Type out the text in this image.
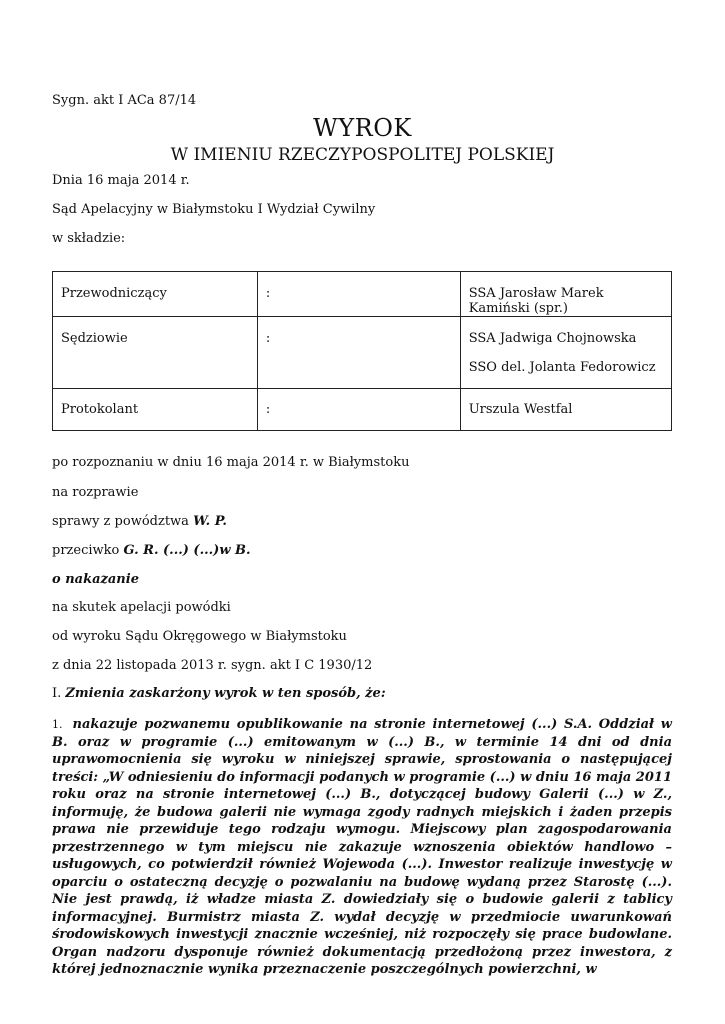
Sygn. akt I ACa 87/14
WYROK
W IMIENIU RZECZYPOSPOLITEJ POLSKIEJ
Dnia 16 maja 2014 r.
Sąd Apelacyjny w Białymstoku I Wydział Cywilny
w składzie:
Przewodniczący	:	SSA Jarosław Marek Kamiński (spr.)
Sędziowie	:	SSA Jadwiga Chojnowska
SSO del. Jolanta Fedorowicz

Protokolant	:	Urszula Westfal
po rozpoznaniu w dniu 16 maja 2014 r. w Białymstoku
na rozprawie
sprawy z powództwa W. P.
przeciwko G. R. (...) (...)w B.
o nakazanie
na skutek apelacji powódki
od wyroku Sądu Okręgowego w Białymstoku
z dnia 22 listopada 2013 r. sygn. akt I C 1930/12
I. Zmienia zaskarżony wyrok w ten sposób, że:
1. nakazuje pozwanemu opublikowanie na stronie internetowej (...) S.A. Oddział w B. oraz w programie (...) emitowanym w (...) B., w terminie 14 dni od dnia uprawomocnienia się wyroku w niniejszej sprawie, sprostowania o następującej treści: „W odniesieniu do informacji podanych w programie (...) w dniu 16 maja 2011 roku oraz na stronie internetowej (...) B., dotyczącej budowy Galerii (...) w Z., informuję, że budowa galerii nie wymaga zgody radnych miejskich i żaden przepis prawa nie przewiduje tego rodzaju wymogu. Miejscowy plan zagospodarowania przestrzennego w tym miejscu nie zakazuje wznoszenia obiektów handlowo – usługowych, co potwierdził również Wojewoda (...). Inwestor realizuje inwestycję w oparciu o ostateczną decyzję o pozwalaniu na budowę wydaną przez Starostę (...). Nie jest prawdą, iż władze miasta Z. dowiedziały się o budowie galerii z tablicy informacyjnej. Burmistrz miasta Z. wydał decyzję w przedmiocie uwarunkowań środowiskowych inwestycji znacznie wcześniej, niż rozpoczęły się prace budowlane. Organ nadzoru dysponuje również dokumentacją przedłożoną przez inwestora, z której jednoznacznie wynika przeznaczenie poszczególnych powierzchni, w
